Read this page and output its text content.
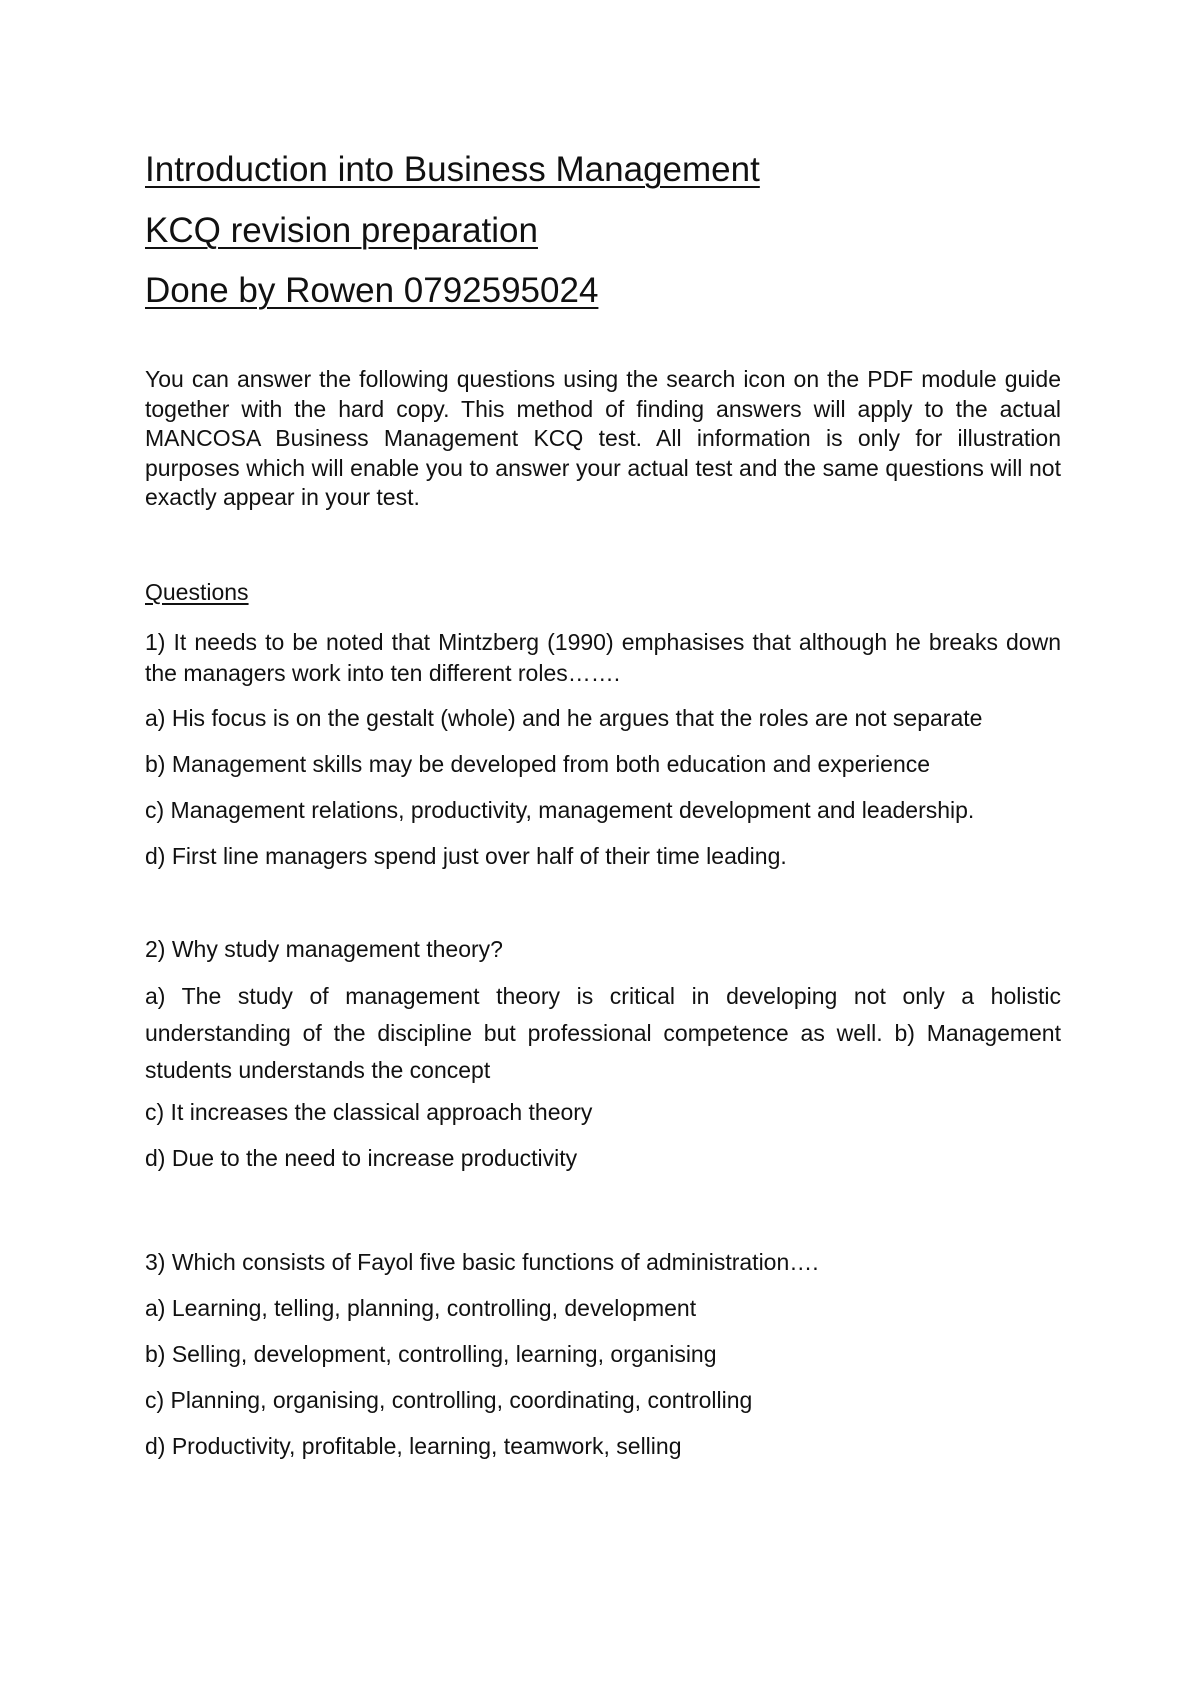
Introduction into Business Management
KCQ revision preparation
Done by Rowen 0792595024

You can answer the following questions using the search icon on the PDF module guide together with the hard copy. This method of finding answers will apply to the actual MANCOSA Business Management KCQ test. All information is only for illustration purposes which will enable you to answer your actual test and the same questions will not exactly appear in your test.

Questions

1) It needs to be noted that Mintzberg (1990) emphasises that although he breaks down the managers work into ten different roles…….

a) His focus is on the gestalt (whole) and he argues that the roles are not separate

b) Management skills may be developed from both education and experience

c) Management relations, productivity, management development and leadership.

d) First line managers spend just over half of their time leading.

2) Why study management theory?

a) The study of management theory is critical in developing not only a holistic understanding of the discipline but professional competence as well. b) Management students understands the concept

c) It increases the classical approach theory

d) Due to the need to increase productivity

3) Which consists of Fayol five basic functions of administration….

a) Learning, telling, planning, controlling, development

b) Selling, development, controlling, learning, organising

c) Planning, organising, controlling, coordinating, controlling

d) Productivity, profitable, learning, teamwork, selling
